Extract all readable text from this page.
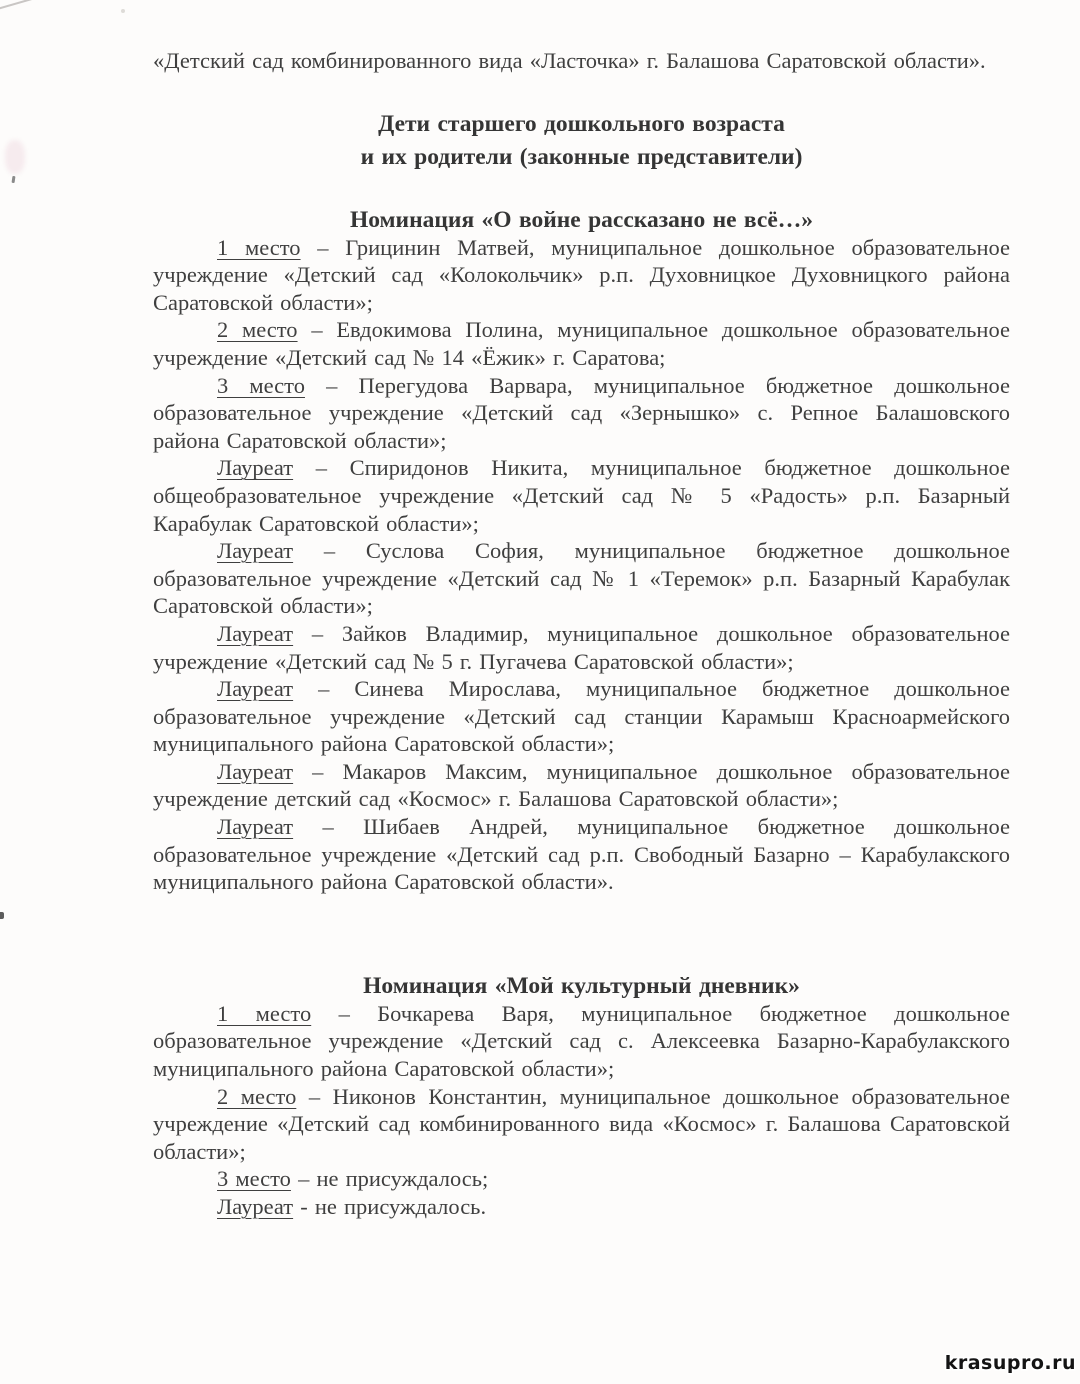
«Детский сад комбинированного вида «Ласточка» г. Балашова Саратовской области».

Дети старшего дошкольного возраста
и их родители (законные представители)
Номинация «О войне рассказано не всё…»

1 место – Грицинин Матвей, муниципальное дошкольное образовательное учреждение «Детский сад «Колокольчик» р.п. Духовницкое Духовницкого района Саратовской области»;

2 место – Евдокимова Полина, муниципальное дошкольное образовательное учреждение «Детский сад № 14 «Ёжик» г. Саратова;

3 место – Перегудова Варвара, муниципальное бюджетное дошкольное образовательное учреждение «Детский сад «Зернышко» с. Репное Балашовского района Саратовской области»;

Лауреат – Спиридонов Никита, муниципальное бюджетное дошкольное общеобразовательное учреждение «Детский сад № 5 «Радость» р.п. Базарный Карабулак Саратовской области»;

Лауреат – Суслова София, муниципальное бюджетное дошкольное образовательное учреждение «Детский сад № 1 «Теремок» р.п. Базарный Карабулак Саратовской области»;

Лауреат – Зайков Владимир, муниципальное дошкольное образовательное учреждение «Детский сад № 5 г. Пугачева Саратовской области»;

Лауреат – Синева Мирослава, муниципальное бюджетное дошкольное образовательное учреждение «Детский сад станции Карамыш Красноармейского муниципального района Саратовской области»;

Лауреат – Макаров Максим, муниципальное дошкольное образовательное учреждение детский сад «Космос» г. Балашова Саратовской области»;

Лауреат – Шибаев Андрей, муниципальное бюджетное дошкольное образовательное учреждение «Детский сад р.п. Свободный Базарно – Карабулакского муниципального района Саратовской области».

Номинация «Мой культурный дневник»

1 место – Бочкарева Варя, муниципальное бюджетное дошкольное образовательное учреждение «Детский сад с. Алексеевка Базарно-Карабулакского муниципального района Саратовской области»;

2 место – Никонов Константин, муниципальное дошкольное образовательное учреждение «Детский сад комбинированного вида «Космос» г. Балашова Саратовской области»;

3 место – не присуждалось;

Лауреат - не присуждалось.

krasupro.ru
